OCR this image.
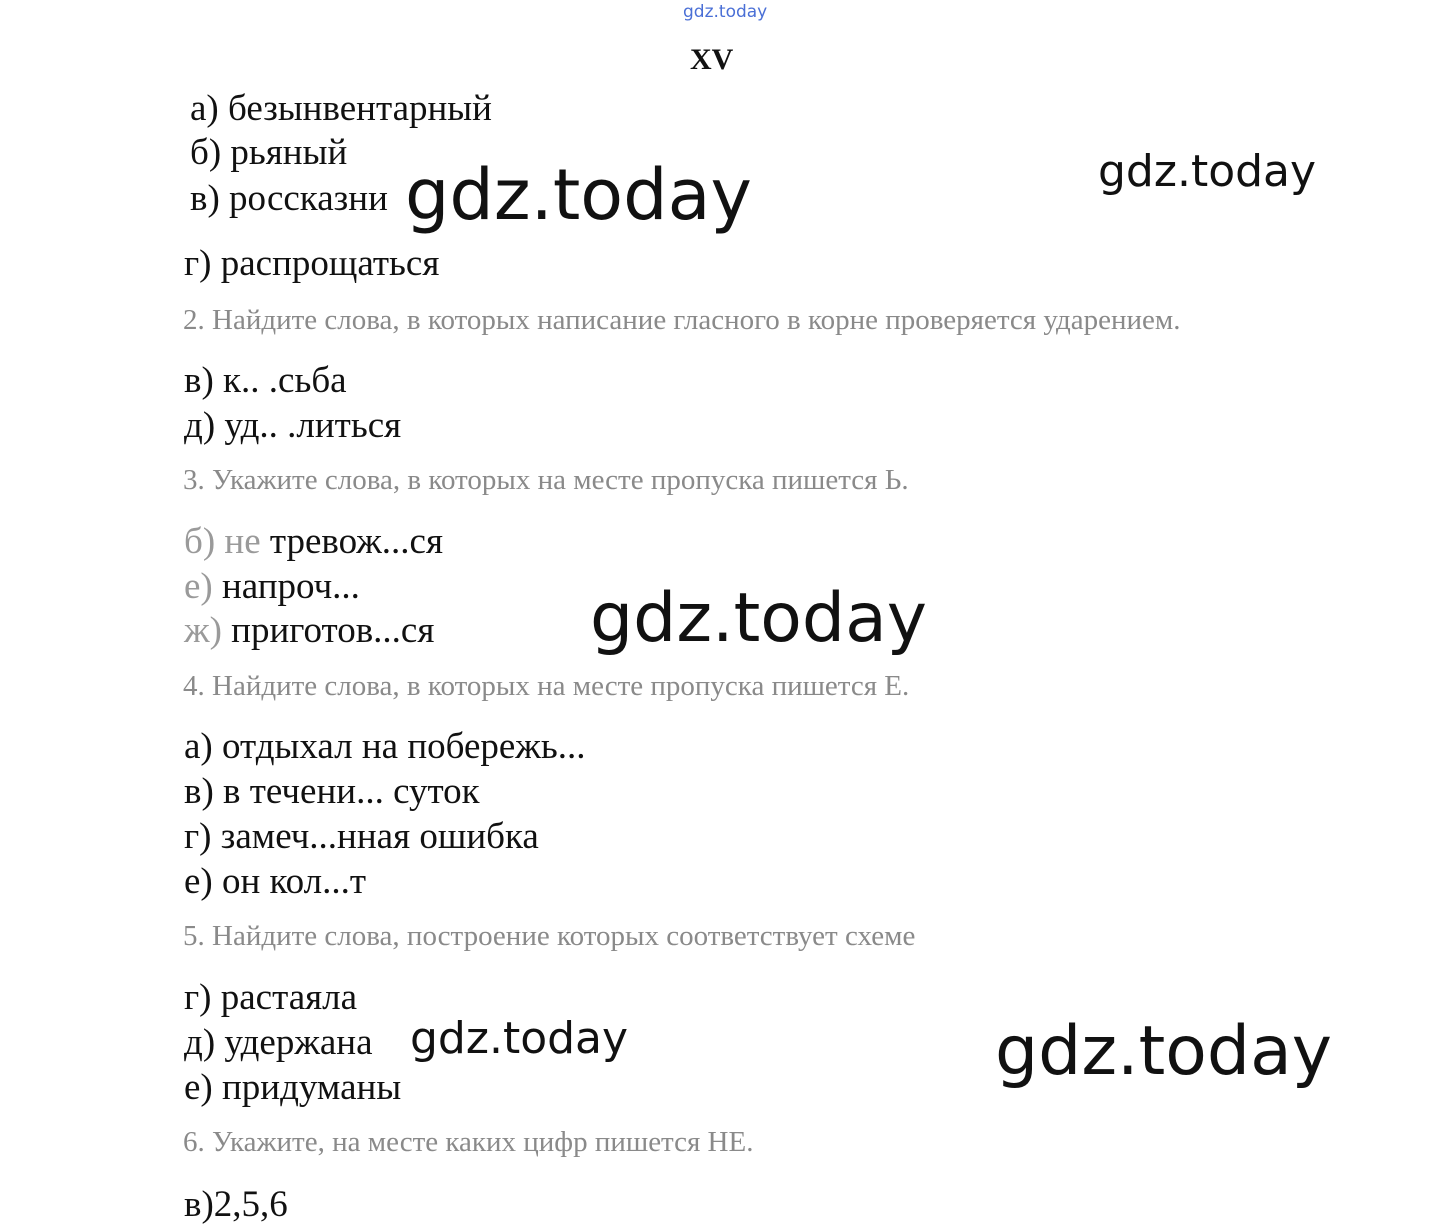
gdz.today
XV
а) безынвентарный
б) рьяный
в) россказни
г) распрощаться
2. Найдите слова, в которых написание гласного в корне проверяется ударением.
в) к.. .сьба
д) уд.. .литься
3. Укажите слова, в которых на месте пропуска пишется Ь.
б) не тревож...ся
е) напроч...
ж) приготов...ся
4. Найдите слова, в которых на месте пропуска пишется Е.
а) отдыхал на побережь...
в) в течени... суток
г) замеч...нная ошибка
е) он кол...т
5. Найдите слова, построение которых соответствует схеме
г) растаяла
д) удержана
е) придуманы
6. Укажите, на месте каких цифр пишется НЕ.
в)2,5,6
gdz.today	gdz.today
gdz.today
gdz.today	gdz.today
